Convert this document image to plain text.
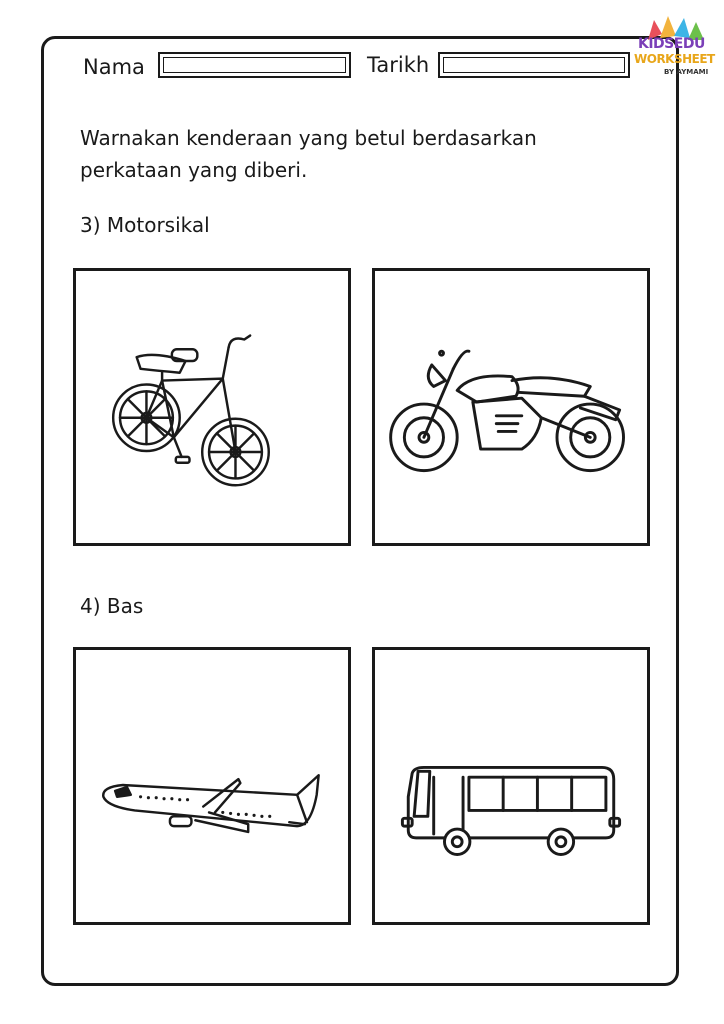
Nama	Tarikh
KIDSEDU
WORKSHEET
BY AYMAMI
Warnakan kenderaan yang betul berdasarkan perkataan yang diberi.
3) Motorsikal
4) Bas
